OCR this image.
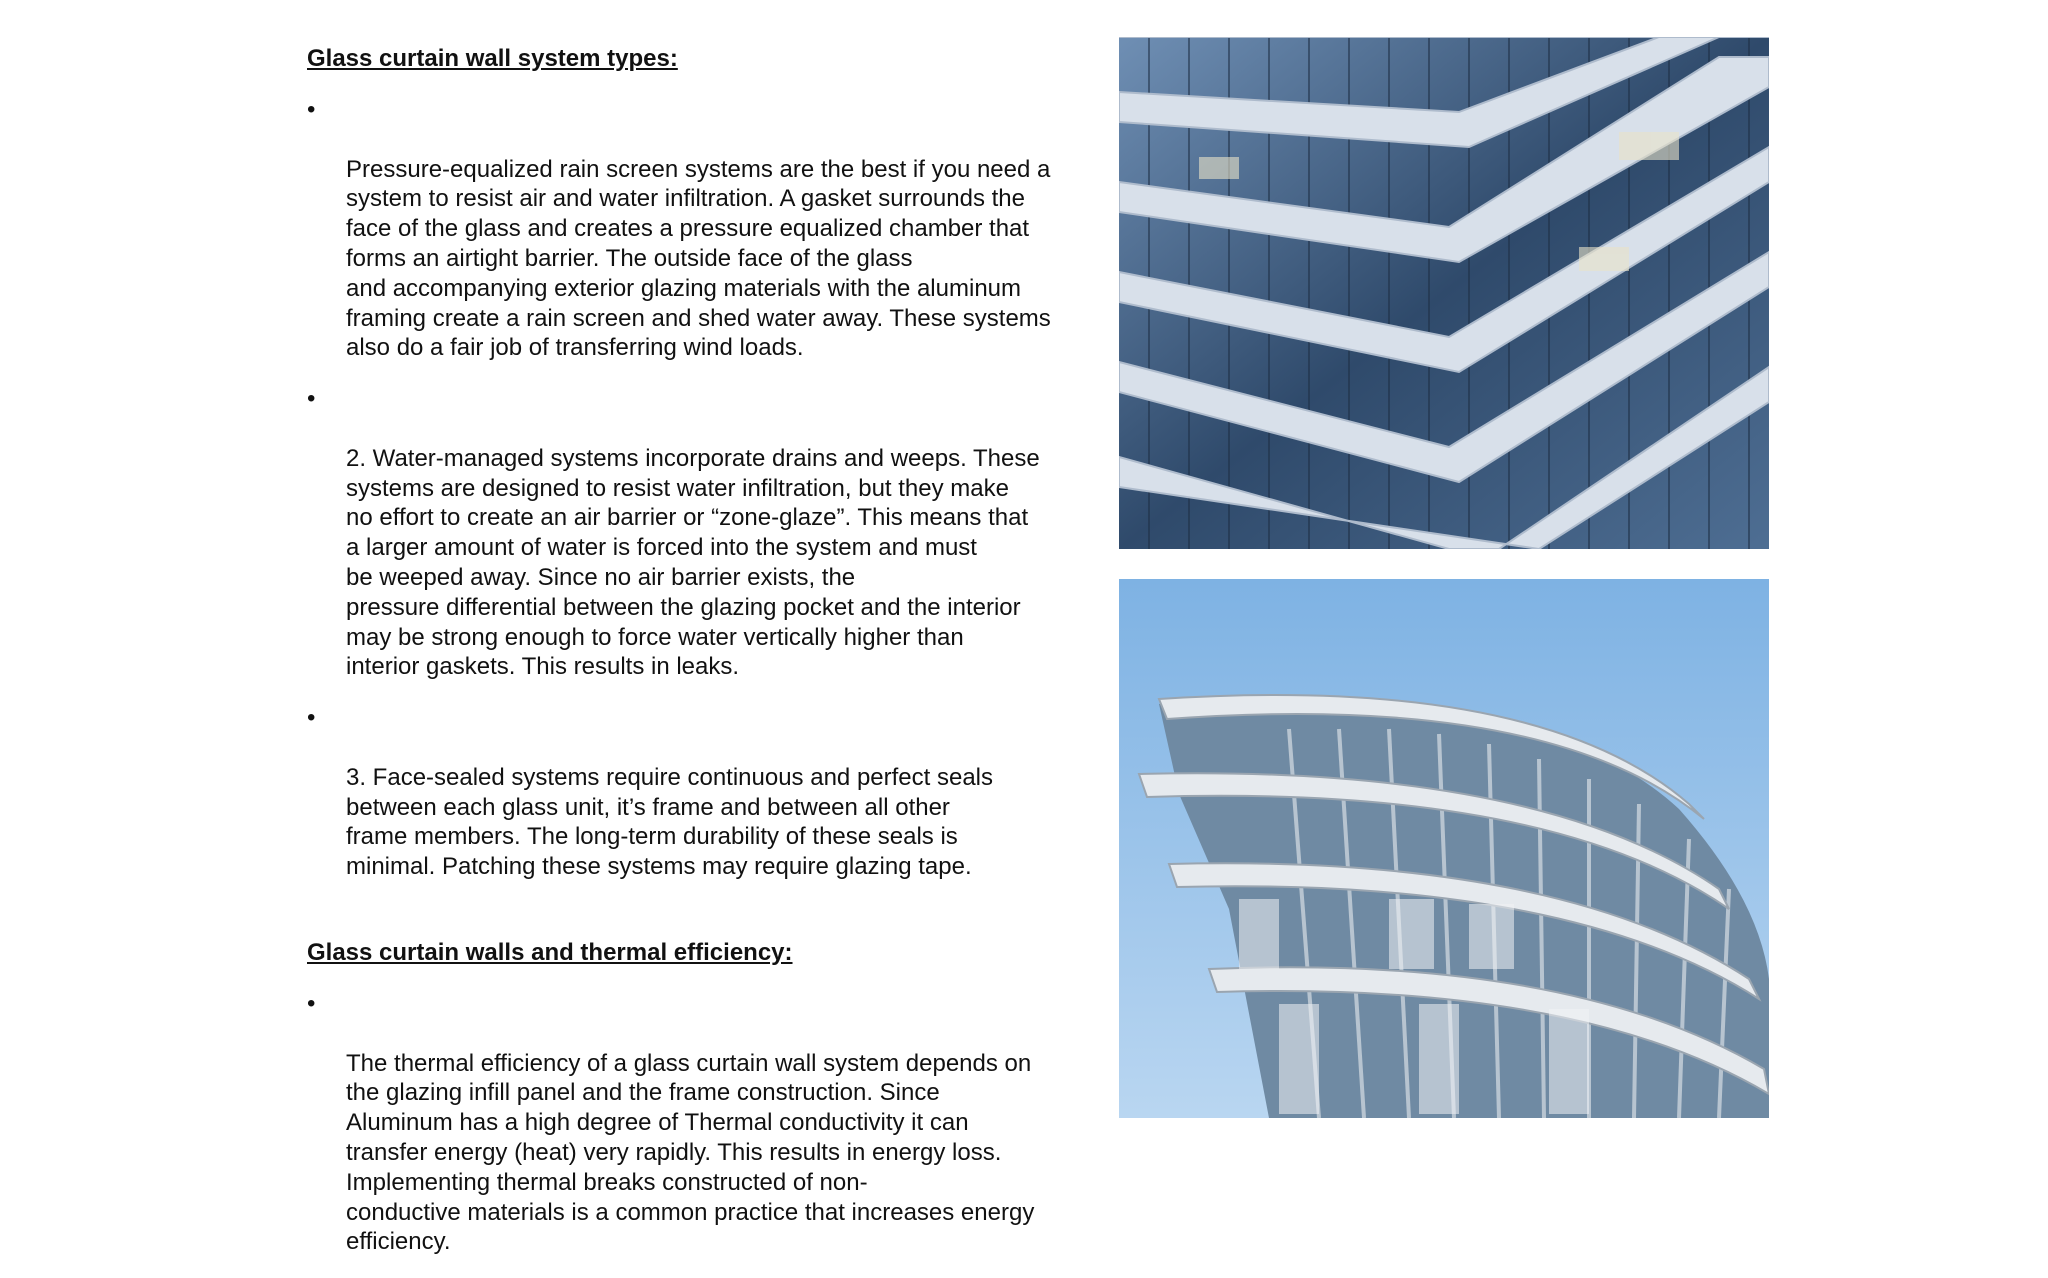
Glass curtain wall system types:

•

Pressure-equalized rain screen systems are the best if you need a
system to resist air and water infiltration. A gasket surrounds the
face of the glass and creates a pressure equalized chamber that
forms an airtight barrier. The outside face of the glass
and accompanying exterior glazing materials with the aluminum
framing create a rain screen and shed water away. These systems
also do a fair job of transferring wind loads.

•

2. Water-managed systems incorporate drains and weeps. These
systems are designed to resist water infiltration, but they make
no effort to create an air barrier or “zone-glaze”. This means that
a larger amount of water is forced into the system and must
be weeped away. Since no air barrier exists, the
pressure differential between the glazing pocket and the interior
may be strong enough to force water vertically higher than
interior gaskets. This results in leaks.

•

3. Face-sealed systems require continuous and perfect seals
between each glass unit, it’s frame and between all other
frame members. The long-term durability of these seals is
minimal. Patching these systems may require glazing tape.

Glass curtain walls and thermal efficiency:

•

The thermal efficiency of a glass curtain wall system depends on
the glazing infill panel and the frame construction. Since
Aluminum has a high degree of Thermal conductivity it can
transfer energy (heat) very rapidly. This results in energy loss.
Implementing thermal breaks constructed of non-
conductive materials is a common practice that increases energy
efficiency.
